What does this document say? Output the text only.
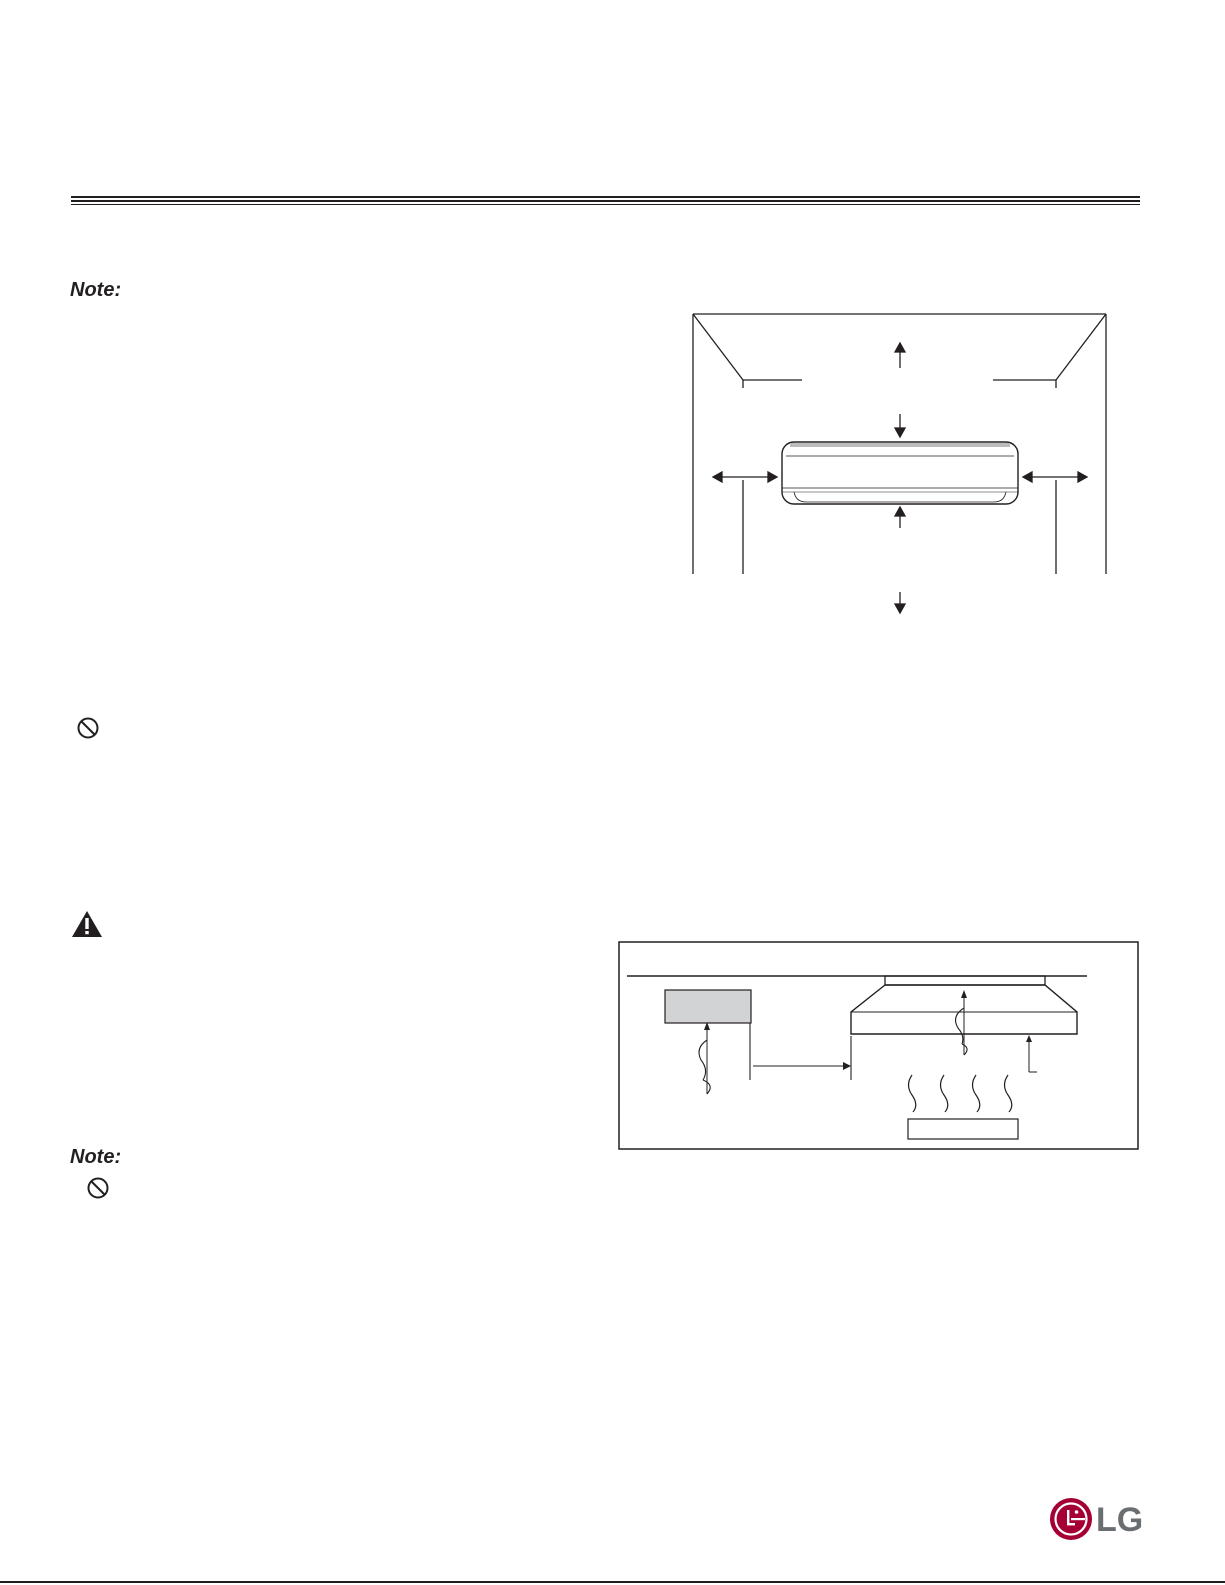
Note:

Note:

LG
